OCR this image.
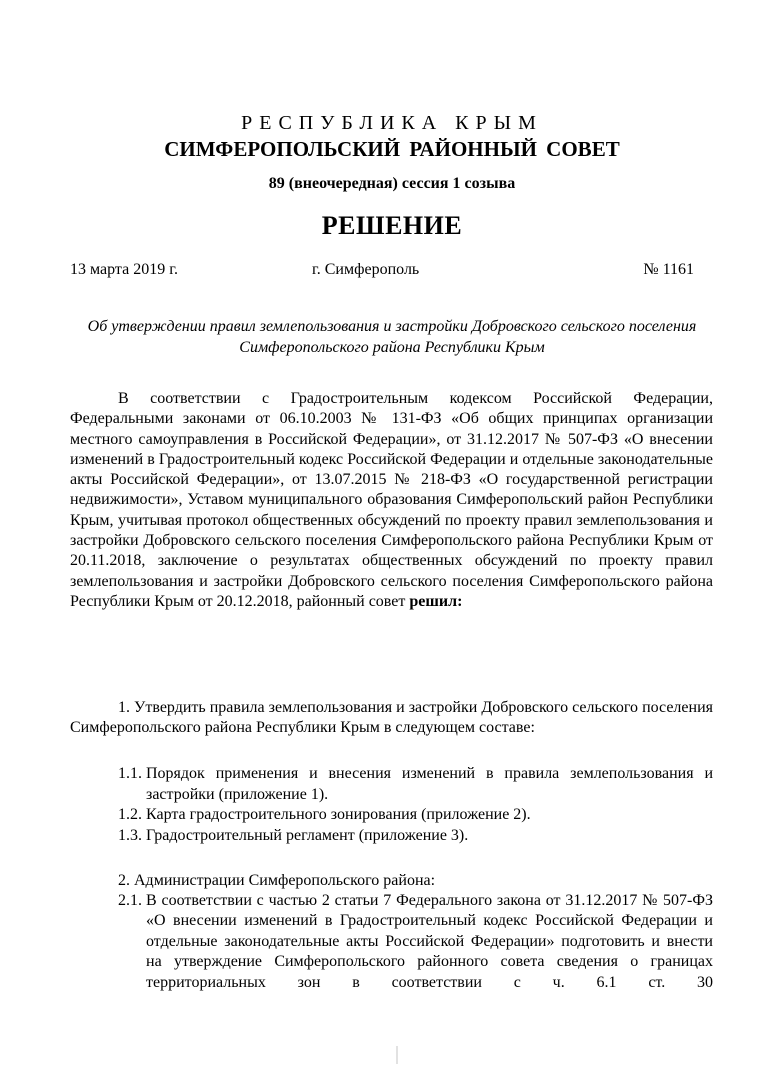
РЕСПУБЛИКА КРЫМ
СИМФЕРОПОЛЬСКИЙ РАЙОННЫЙ СОВЕТ
89 (внеочередная) сессия 1 созыва
РЕШЕНИЕ
13 марта 2019 г.	г. Симферополь	№ 1161
Об утверждении правил землепользования и застройки Добровского сельского поселения Симферопольского района Республики Крым
В соответствии с Градостроительным кодексом Российской Федерации, Федеральными законами от 06.10.2003 № 131-ФЗ «Об общих принципах организации местного самоуправления в Российской Федерации», от 31.12.2017 № 507-ФЗ «О внесении изменений в Градостроительный кодекс Российской Федерации и отдельные законодательные акты Российской Федерации», от 13.07.2015 № 218-ФЗ «О государственной регистрации недвижимости», Уставом муниципального образования Симферопольский район Республики Крым, учитывая протокол общественных обсуждений по проекту правил землепользования и застройки Добровского сельского поселения Симферопольского района Республики Крым от 20.11.2018, заключение о результатах общественных обсуждений по проекту правил землепользования и застройки Добровского сельского поселения Симферопольского района Республики Крым от 20.12.2018, районный совет решил:
1. Утвердить правила землепользования и застройки Добровского сельского поселения Симферопольского района Республики Крым в следующем составе:
1.1. Порядок применения и внесения изменений в правила землепользования и застройки (приложение 1).
1.2. Карта градостроительного зонирования (приложение 2).
1.3. Градостроительный регламент (приложение 3).
2. Администрации Симферопольского района:
2.1. В соответствии с частью 2 статьи 7 Федерального закона от 31.12.2017 № 507-ФЗ «О внесении изменений в Градостроительный кодекс Российской Федерации и отдельные законодательные акты Российской Федерации» подготовить и внести на утверждение Симферопольского районного совета сведения о границах территориальных зон в соответствии с ч. 6.1 ст. 30
